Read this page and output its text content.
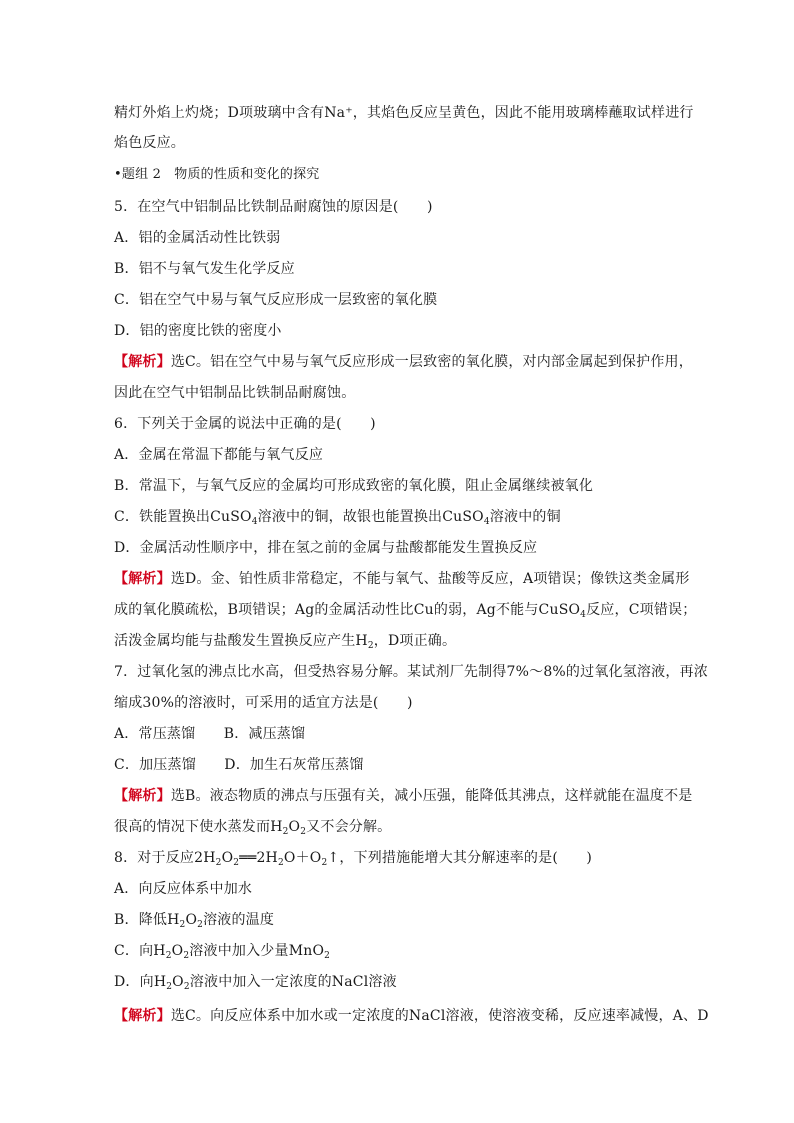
精灯外焰上灼烧；D项玻璃中含有Na⁺，其焰色反应呈黄色，因此不能用玻璃棒蘸取试样进行
焰色反应。
•题组 2　物质的性质和变化的探究
5．在空气中铝制品比铁制品耐腐蚀的原因是(　　)
A．铝的金属活动性比铁弱
B．铝不与氧气发生化学反应
C．铝在空气中易与氧气反应形成一层致密的氧化膜
D．铝的密度比铁的密度小
【解析】选C。铝在空气中易与氧气反应形成一层致密的氧化膜，对内部金属起到保护作用，
因此在空气中铝制品比铁制品耐腐蚀。
6．下列关于金属的说法中正确的是(　　)
A．金属在常温下都能与氧气反应
B．常温下，与氧气反应的金属均可形成致密的氧化膜，阻止金属继续被氧化
C．铁能置换出CuSO$_4$溶液中的铜，故银也能置换出CuSO$_4$溶液中的铜
D．金属活动性顺序中，排在氢之前的金属与盐酸都能发生置换反应
【解析】选D。金、铂性质非常稳定，不能与氧气、盐酸等反应，A项错误；像铁这类金属形
成的氧化膜疏松，B项错误；Ag的金属活动性比Cu的弱，Ag不能与CuSO$_4$反应，C项错误；
活泼金属均能与盐酸发生置换反应产生$H_2$，D项正确。
7．过氧化氢的沸点比水高，但受热容易分解。某试剂厂先制得7%～8%的过氧化氢溶液，再浓
缩成30%的溶液时，可采用的适宜方法是(　　)
A．常压蒸馏　　B．减压蒸馏
C．加压蒸馏　　D．加生石灰常压蒸馏
【解析】选B。液态物质的沸点与压强有关，减小压强，能降低其沸点，这样就能在温度不是
很高的情况下使水蒸发而$H_2O_2$又不会分解。
8．对于反应$2H_2O_2══2H_2O+O_2↑$，下列措施能增大其分解速率的是(　　)
A．向反应体系中加水
B．降低$H_2O_2$溶液的温度
C．向$H_2O_2$溶液中加入少量MnO$_2$
D．向$H_2O_2$溶液中加入一定浓度的NaCl溶液
【解析】选C。向反应体系中加水或一定浓度的NaCl溶液，使溶液变稀，反应速率减慢，A、D
